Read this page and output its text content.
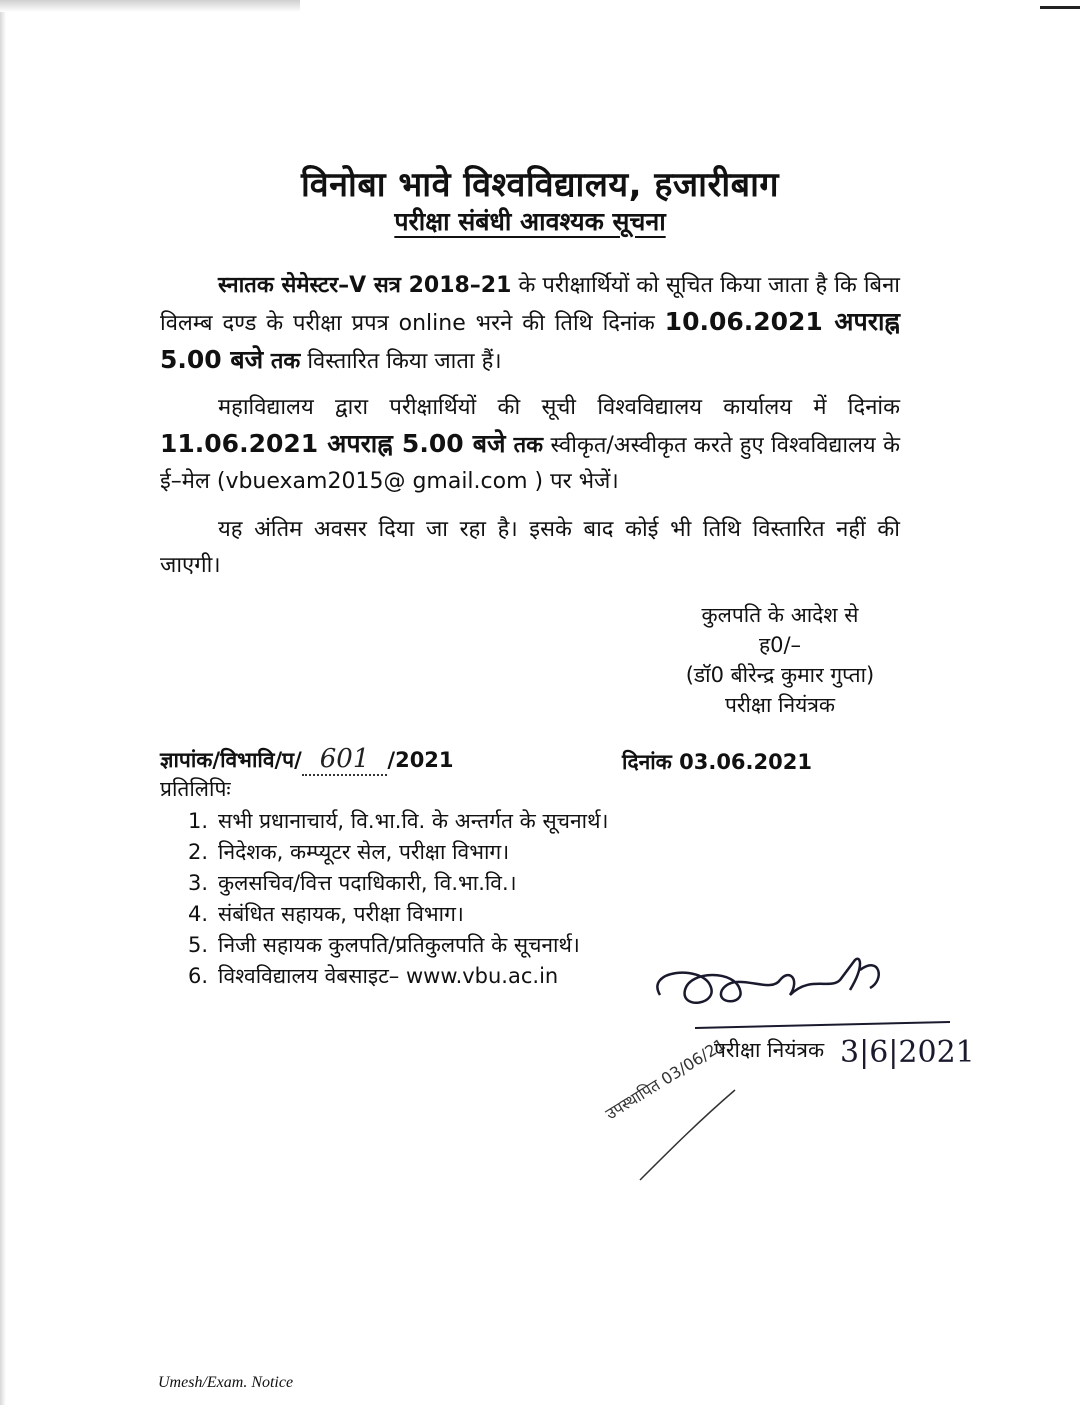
विनोबा भावे विश्वविद्यालय, हजारीबाग
परीक्षा संबंधी आवश्यक सूचना
स्नातक सेमेस्टर–V सत्र 2018–21 के परीक्षार्थियों को सूचित किया जाता है कि बिना विलम्ब दण्ड के परीक्षा प्रपत्र online भरने की तिथि दिनांक 10.06.2021 अपराह्न 5.00 बजे तक विस्तारित किया जाता हैं।
महाविद्यालय द्वारा परीक्षार्थियों की सूची विश्वविद्यालय कार्यालय में दिनांक 11.06.2021 अपराह्न 5.00 बजे तक स्वीकृत/अस्वीकृत करते हुए विश्वविद्यालय के ई–मेल (vbuexam2015@ gmail.com ) पर भेजें।
यह अंतिम अवसर दिया जा रहा है। इसके बाद कोई भी तिथि विस्तारित नहीं की जाएगी।
कुलपति के आदेश से
ह0/–
(डॉ0 बीरेन्द्र कुमार गुप्ता)
परीक्षा नियंत्रक
ज्ञापांक/विभावि/प/ 601 /2021	दिनांक 03.06.2021
प्रतिलिपिः
1. सभी प्रधानाचार्य, वि.भा.वि. के अन्तर्गत के सूचनार्थ।
2. निदेशक, कम्प्यूटर सेल, परीक्षा विभाग।
3. कुलसचिव/वित्त पदाधिकारी, वि.भा.वि.।
4. संबंधित सहायक, परीक्षा विभाग।
5. निजी सहायक कुलपति/प्रतिकुलपति के सूचनार्थ।
6. विश्वविद्यालय वेबसाइट– www.vbu.ac.in
3|6|2021
उपस्थापित 03/06/21
परीक्षा नियंत्रक
Umesh/Exam. Notice
